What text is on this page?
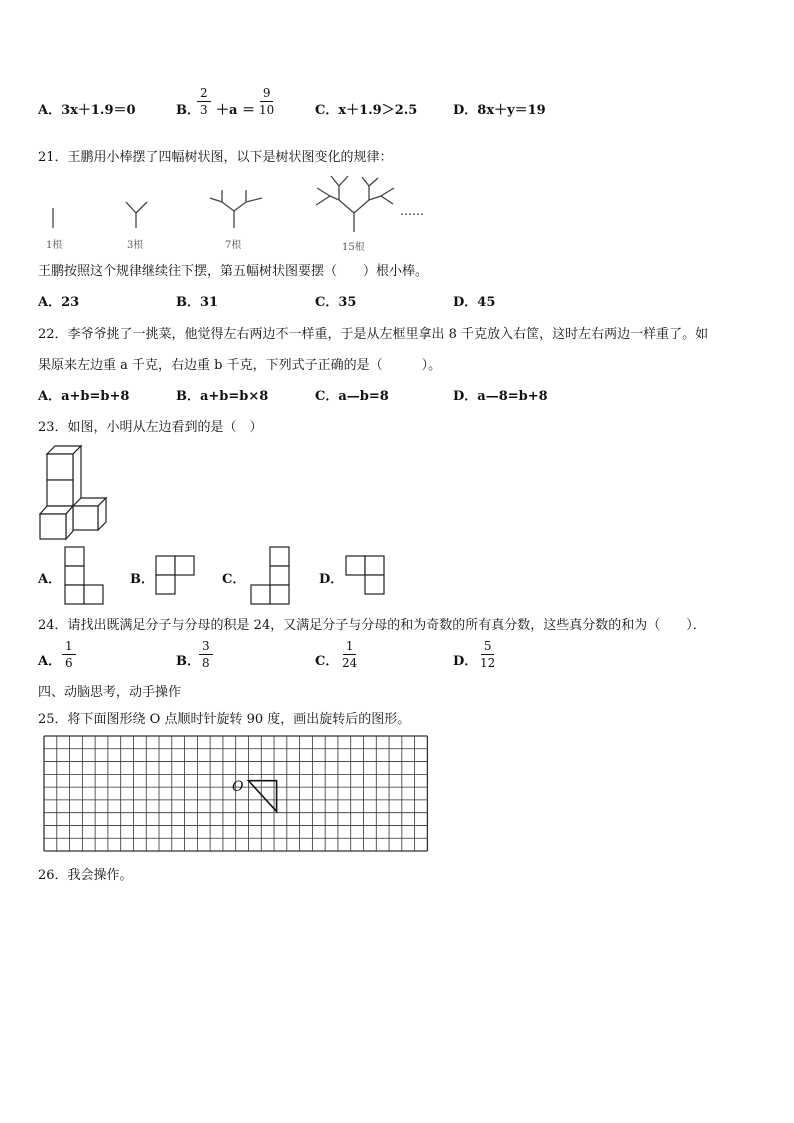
A．3x＋1.9＝0	B．
$\frac{2}{3} +a = \frac{9}{10}$	C．x＋1.9＞2.5	D．8x＋y＝19
21．王鹏用小棒摆了四幅树状图，以下是树状图变化的规律：
1根	3根	7根	15根
……
王鹏按照这个规律继续往下摆，第五幅树状图要摆（　　）根小棒。
A．23	B．31	C．35	D．45
22．李爷爷挑了一挑菜，他觉得左右两边不一样重，于是从左框里拿出 8 千克放入右筐，这时左右两边一样重了。如
果原来左边重 a 千克，右边重 b 千克，下列式子正确的是（　　　）。
A．a+b=b+8	B．a+b=b×8	C．a—b=8	D．a—8=b+8
23．如图，小明从左边看到的是（　）
A．	B．	C．	D．
24．请找出既满足分子与分母的积是 24，又满足分子与分母的和为奇数的所有真分数，这些真分数的和为（　　）．
A． $\frac{1}{6}$	B． $\frac{3}{8}$	C． $\frac{1}{24}$	D． $\frac{5}{12}$
四、动脑思考，动手操作
25．将下面图形绕 O 点顺时针旋转 90 度，画出旋转后的图形。
O
26．我会操作。
